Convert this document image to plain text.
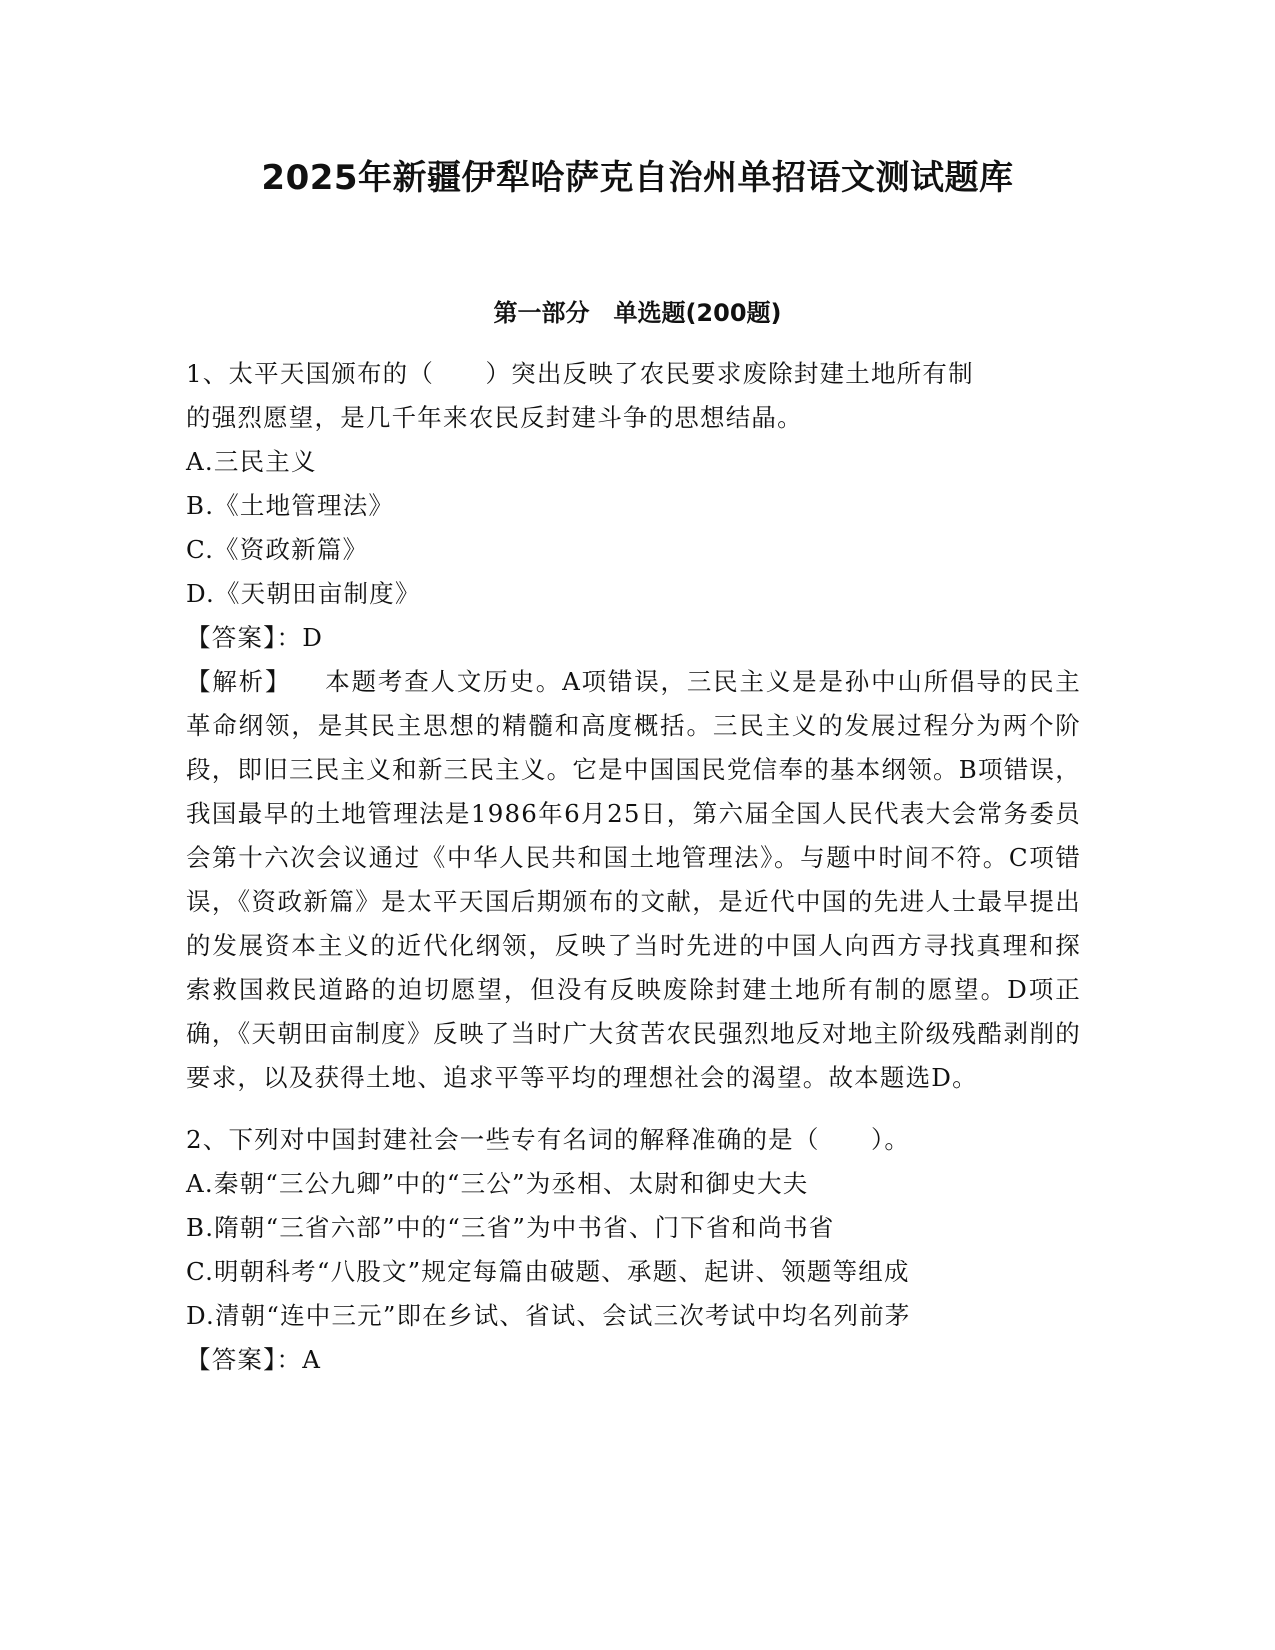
2025年新疆伊犁哈萨克自治州单招语文测试题库
第一部分　单选题(200题)
1、太平天国颁布的（　　）突出反映了农民要求废除封建土地所有制
的强烈愿望，是几千年来农民反封建斗争的思想结晶。
A.三民主义
B.《土地管理法》
C.《资政新篇》
D.《天朝田亩制度》
【答案】：D
【解析】 本题考查人文历史。A项错误，三民主义是是孙中山所倡导的民主革命纲领，是其民主思想的精髓和高度概括。三民主义的发展过程分为两个阶段，即旧三民主义和新三民主义。它是中国国民党信奉的基本纲领。B项错误，我国最早的土地管理法是1986年6月25日，第六届全国人民代表大会常务委员会第十六次会议通过《中华人民共和国土地管理法》。与题中时间不符。C项错误，《资政新篇》是太平天国后期颁布的文献，是近代中国的先进人士最早提出的发展资本主义的近代化纲领，反映了当时先进的中国人向西方寻找真理和探索救国救民道路的迫切愿望，但没有反映废除封建土地所有制的愿望。D项正确，《天朝田亩制度》反映了当时广大贫苦农民强烈地反对地主阶级残酷剥削的要求，以及获得土地、追求平等平均的理想社会的渴望。故本题选D。
2、下列对中国封建社会一些专有名词的解释准确的是（　　）。
A.秦朝“三公九卿”中的“三公”为丞相、太尉和御史大夫
B.隋朝“三省六部”中的“三省”为中书省、门下省和尚书省
C.明朝科考“八股文”规定每篇由破题、承题、起讲、领题等组成
D.清朝“连中三元”即在乡试、省试、会试三次考试中均名列前茅
【答案】：A
